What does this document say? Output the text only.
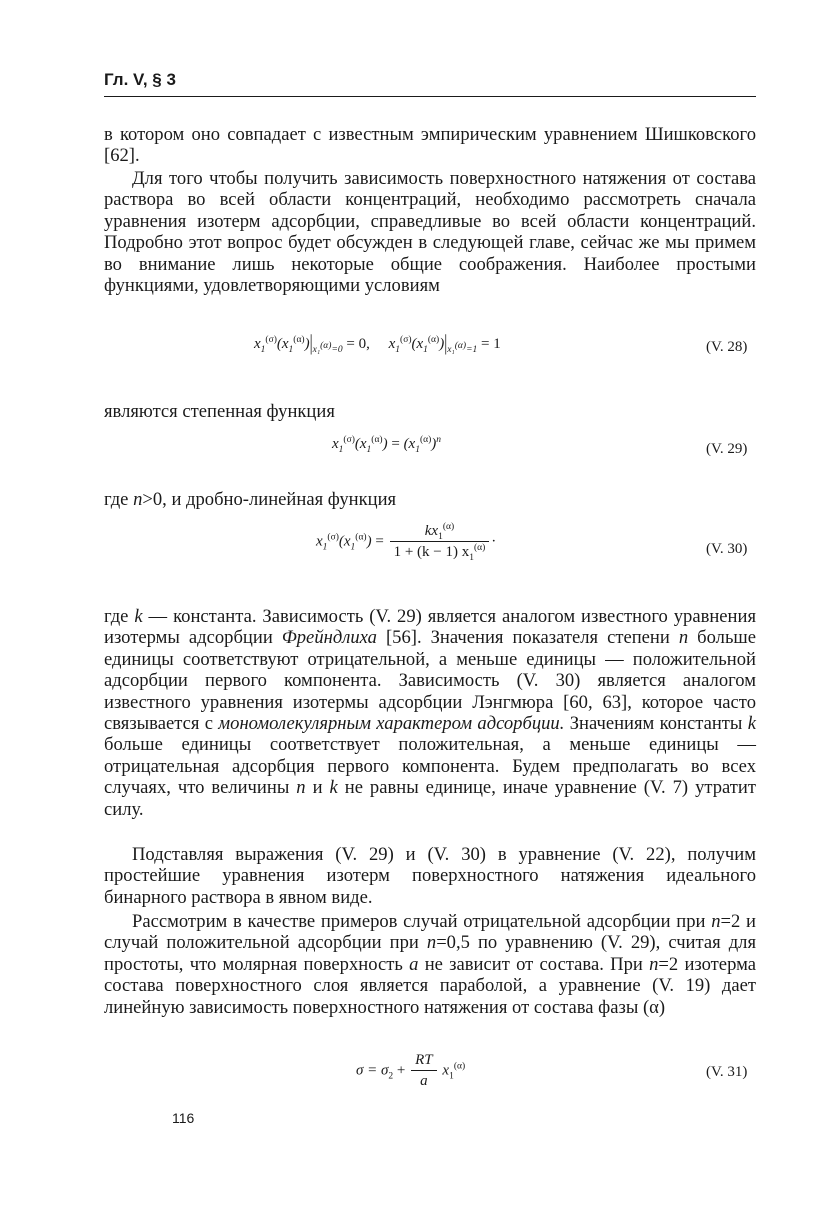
Гл. V, § 3

в котором оно совпадает с известным эмпирическим уравнением Шишковского [62].

Для того чтобы получить зависимость поверхностного натяжения от состава раствора во всей области концентраций, необходимо рассмотреть сначала уравнения изотерм адсорбции, справедливые во всей области концентраций. Подробно этот вопрос будет обсужден в следующей главе, сейчас же мы примем во внимание лишь некоторые общие соображения. Наиболее простыми функциями, удовлетворяющими условиям

$x_1^{(\sigma)}(x_1^{(\alpha)})|_{x_1^{(\alpha)}=0} = 0$,     $x_1^{(\sigma)}(x_1^{(\alpha)})|_{x_1^{(\alpha)}=1} = 1$	(V. 28)
являются степенная функция
$x_1^{(\sigma)}(x_1^{(\alpha)}) = (x_1^{(\alpha)})^n$
(V. 29)
где n>0, и дробно-линейная функция
$x_1^{(\sigma)}(x_1^{(\alpha)}) = \frac{kx_1^{(\alpha)}}{1 + (k - 1) x_1^{(\alpha)}}$ ·	(V. 30)

где k — константа. Зависимость (V. 29) является аналогом известного уравнения изотермы адсорбции Фрейндлиха [56]. Значения показателя степени n больше единицы соответствуют отрицательной, а меньше единицы — положительной адсорбции первого компонента. Зависимость (V. 30) является аналогом известного уравнения изотермы адсорбции Лэнгмюра [60, 63], которое часто связывается с мономолекулярным характером адсорбции. Значениям константы k больше единицы соответствует положительная, а меньше единицы — отрицательная адсорбция первого компонента. Будем предполагать во всех случаях, что величины n и k не равны единице, иначе уравнение (V. 7) утратит силу.

Подставляя выражения (V. 29) и (V. 30) в уравнение (V. 22), получим простейшие уравнения изотерм поверхностного натяжения идеального бинарного раствора в явном виде.

Рассмотрим в качестве примеров случай отрицательной адсорбции при n=2 и случай положительной адсорбции при n=0,5 по уравнению (V. 29), считая для простоты, что молярная поверхность a не зависит от состава. При n=2 изотерма состава поверхностного слоя является параболой, а уравнение (V. 19) дает линейную зависимость поверхностного натяжения от состава фазы (α)

$\sigma = \sigma_2 + \frac{RT}{a} x_1^{(\alpha)}$	(V. 31)
116
